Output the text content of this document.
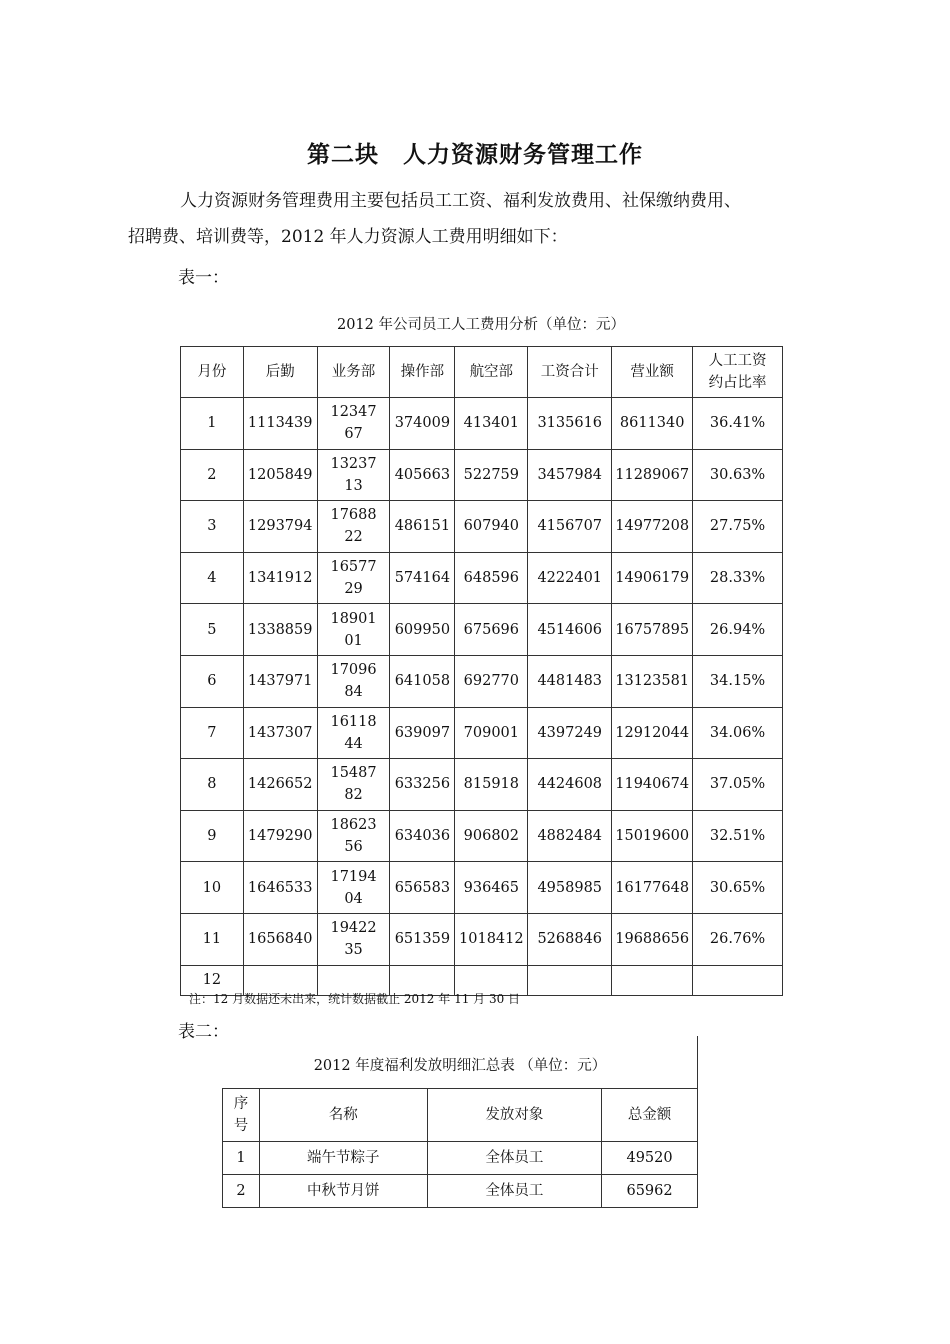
第二块　人力资源财务管理工作
人力资源财务管理费用主要包括员工工资、福利发放费用、社保缴纳费用、
招聘费、培训费等，2012 年人力资源人工费用明细如下：
表一：
2012 年公司员工人工费用分析（单位：元）
月份	后勤	业务部	操作部	航空部	工资合计	营业额	人工工资约占比率
1	1113439	1234767	374009	413401	3135616	8611340	36.41%
2	1205849	1323713	405663	522759	3457984	11289067	30.63%
3	1293794	1768822	486151	607940	4156707	14977208	27.75%
4	1341912	1657729	574164	648596	4222401	14906179	28.33%
5	1338859	1890101	609950	675696	4514606	16757895	26.94%
6	1437971	1709684	641058	692770	4481483	13123581	34.15%
7	1437307	1611844	639097	709001	4397249	12912044	34.06%
8	1426652	1548782	633256	815918	4424608	11940674	37.05%
9	1479290	1862356	634036	906802	4882484	15019600	32.51%
10	1646533	1719404	656583	936465	4958985	16177648	30.65%
11	1656840	1942235	651359	1018412	5268846	19688656	26.76%
12							
注：12 月数据还未出来，统计数据截止 2012 年 11 月 30 日
表二：
2012 年度福利发放明细汇总表 （单位：元）
序号	名称	发放对象	总金额
1	端午节粽子	全体员工	49520
2	中秋节月饼	全体员工	65962
